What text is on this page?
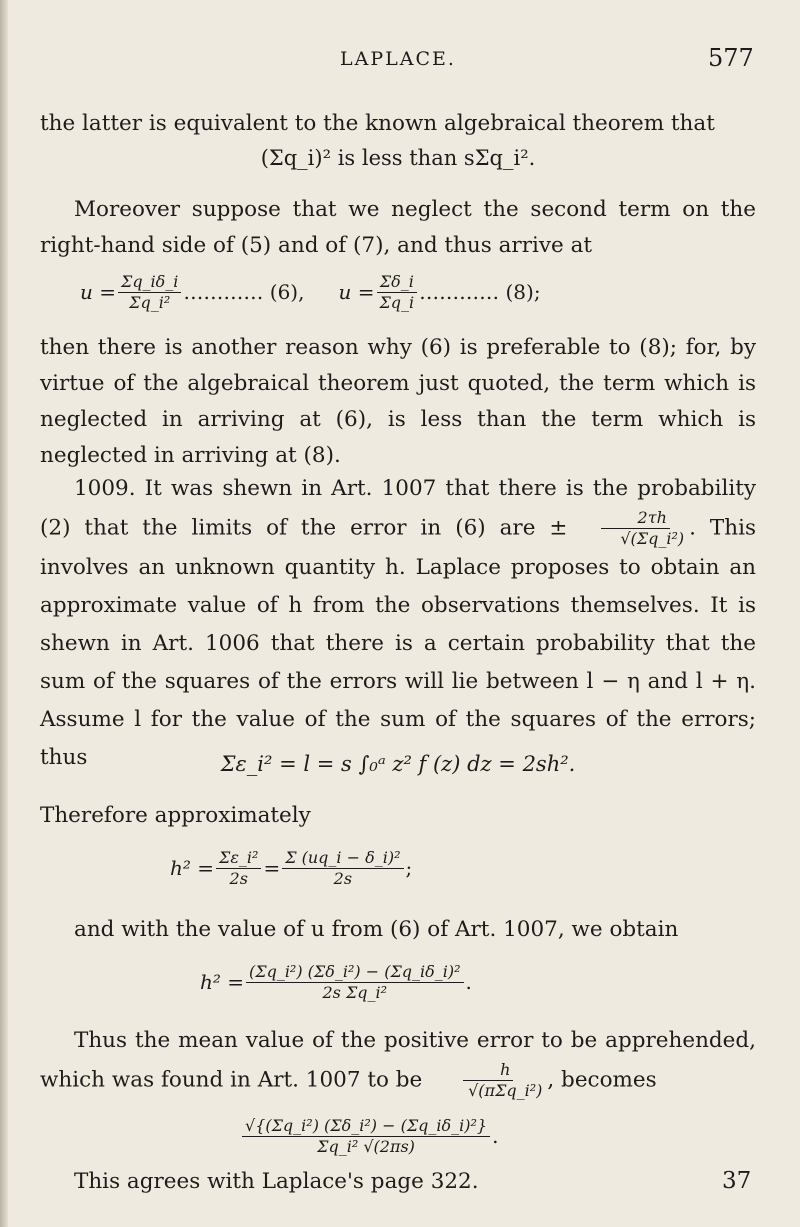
LAPLACE.	577

the latter is equivalent to the known algebraical theorem that

(Σq_i)² is less than sΣq_i².

Moreover suppose that we neglect the second term on the right-hand side of (5) and of (7), and thus arrive at

$u = \frac{\Sigma q\_i\delta\_i}{\text{Σq\_i²}}$ ………… (6), $u = \frac{\Sigma\delta\_i}{\Sigma q\_i}$ ………… (8);

then there is another reason why (6) is preferable to (8); for, by virtue of the algebraical theorem just quoted, the term which is neglected in arriving at (6), is less than the term which is neglected in arriving at (8).

1009. It was shewn in Art. 1007 that there is the probability (2) that the limits of the error in (6) are ± $\frac{2\tau h}{\text{√(Σq\_i²)}}$ . This involves an unknown quantity h. Laplace proposes to obtain an approximate value of h from the observations themselves. It is shewn in Art. 1006 that there is a certain probability that the sum of the squares of the errors will lie between l − η and l + η. Assume l for the value of the sum of the squares of the errors; thus	Σε_i² = l = s ∫₀ᵃ z² f (z) dz = 2sh².

Therefore approximately

$h^2 = \frac{\text{Σε\_i²}}{2s} = \frac{\text{Σ (uq\_i − δ\_i)²}}{2s}$ ;

and with the value of u from (6) of Art. 1007, we obtain

$h^2 = \frac{\text{(Σq\_i²) (Σδ\_i²) − (Σq\_iδ\_i)²}}{\text{2s Σq\_i²}}$ .

Thus the mean value of the positive error to be apprehended, which was found in Art. 1007 to be $\frac{h}{\text{√(πΣq\_i²)}}$ , becomes

$\frac{\text{√\{(Σq\_i²) (Σδ\_i²) − (Σq\_iδ\_i)²\}}}{\text{Σq\_i² √(2πs)}}$ .

This agrees with Laplace's page 322.	37
